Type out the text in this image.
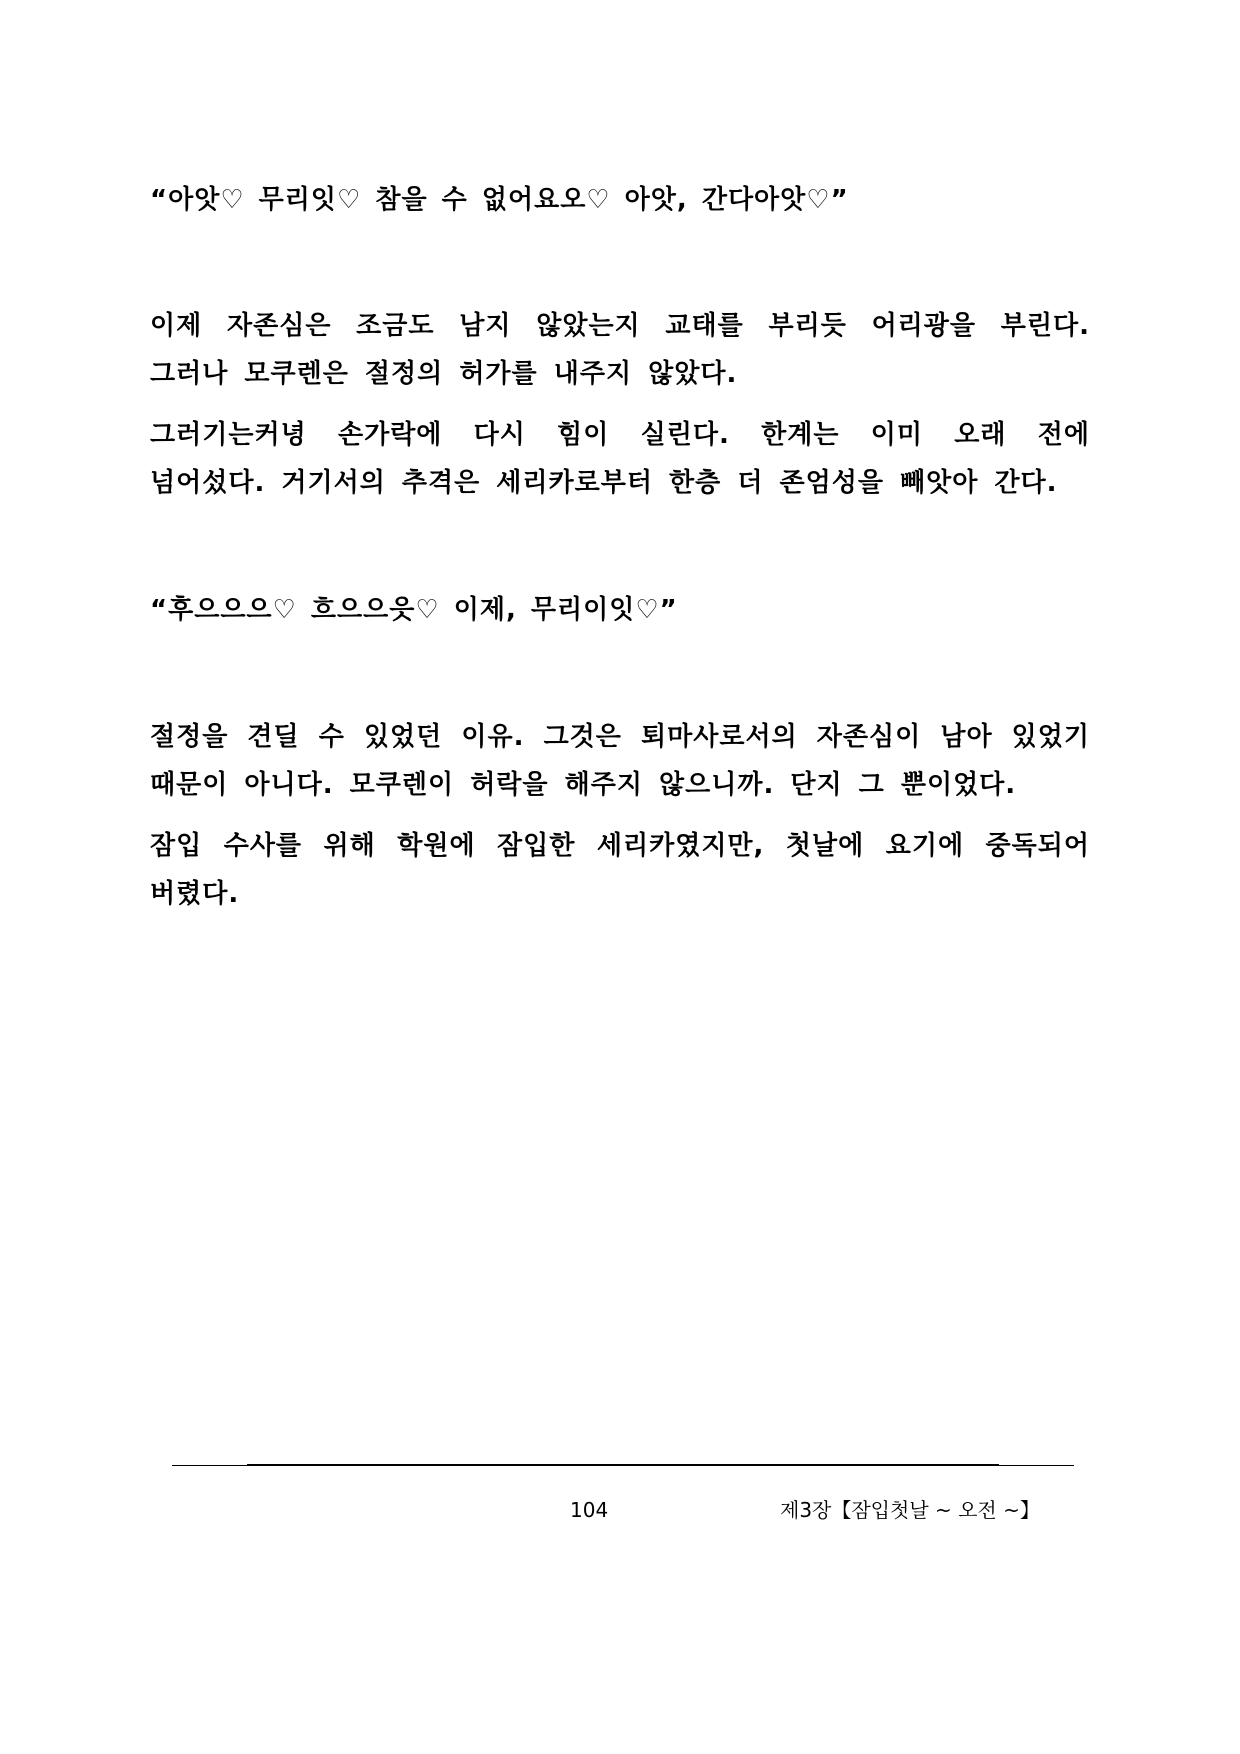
“아앗♡ 무리잇♡ 참을 수 없어요오♡ 아앗, 간다아앗♡”

이제 자존심은 조금도 남지 않았는지 교태를 부리듯 어리광을 부린다. 그러나 모쿠렌은 절정의 허가를 내주지 않았다.

그러기는커녕 손가락에 다시 힘이 실린다. 한계는 이미 오래 전에 넘어섰다. 거기서의 추격은 세리카로부터 한층 더 존엄성을 빼앗아 간다.

“후으으으♡ 흐으으읏♡ 이제, 무리이잇♡”

절정을 견딜 수 있었던 이유. 그것은 퇴마사로서의 자존심이 남아 있었기 때문이 아니다. 모쿠렌이 허락을 해주지 않으니까. 단지 그 뿐이었다.

잠입 수사를 위해 학원에 잠입한 세리카였지만, 첫날에 요기에 중독되어 버렸다.

104	제3장【잠입첫날 ~ 오전 ~】
